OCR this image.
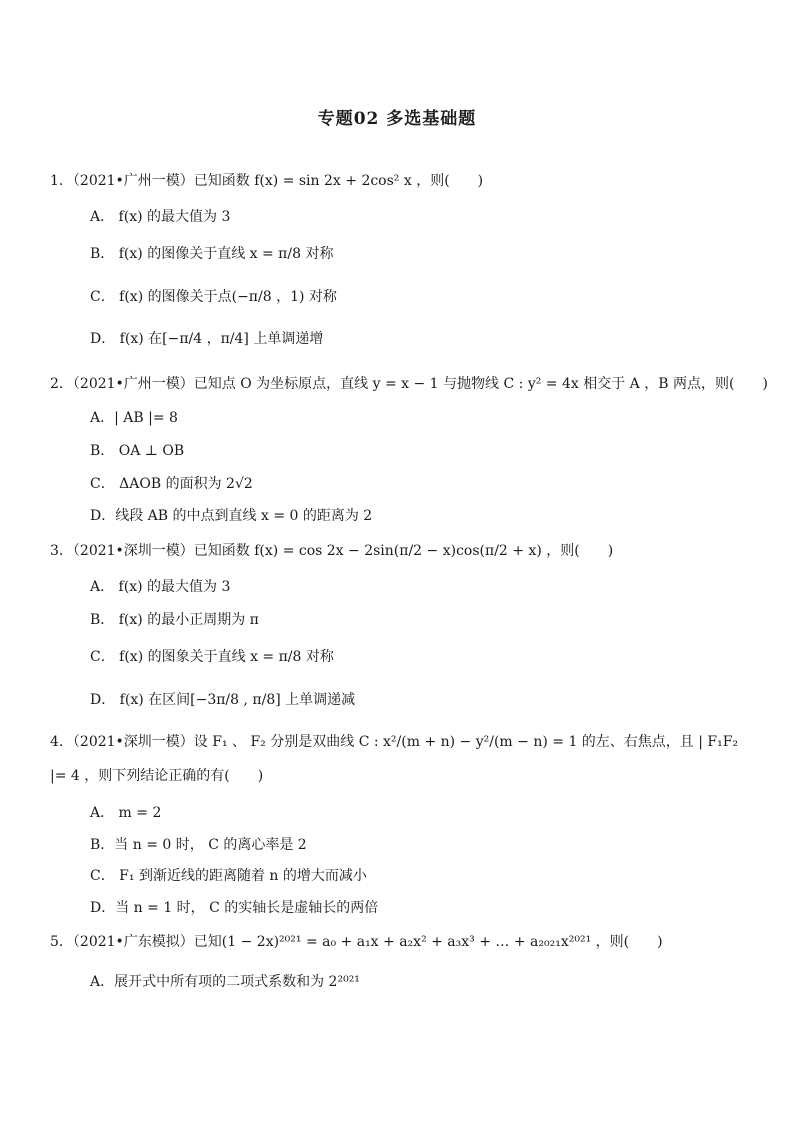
专题02 多选基础题
1．（2021•广州一模）已知函数 f(x) = sin 2x + 2cos² x ，则(　　)
A． f(x) 的最大值为 3
B． f(x) 的图像关于直线 x = π/8 对称
C． f(x) 的图像关于点(−π/8 ，1) 对称
D． f(x) 在[−π/4 ，π/4] 上单调递增
2．（2021•广州一模）已知点 O 为坐标原点，直线 y = x − 1 与抛物线 C : y² = 4x 相交于 A ，B 两点，则(　　)
A．| AB |= 8
B． OA ⊥ OB
C． ΔAOB 的面积为 2√2
D．线段 AB 的中点到直线 x = 0 的距离为 2
3．（2021•深圳一模）已知函数 f(x) = cos 2x − 2sin(π/2 − x)cos(π/2 + x) ，则(　　)
A． f(x) 的最大值为 3
B． f(x) 的最小正周期为 π
C． f(x) 的图象关于直线 x = π/8 对称
D． f(x) 在区间[−3π/8 , π/8] 上单调递减
4．（2021•深圳一模）设 F₁ 、 F₂ 分别是双曲线 C : x²/(m + n) − y²/(m − n) = 1 的左、右焦点，且 | F₁F₂ |= 4 ，则下列结论正确的有(　　)
A． m = 2
B．当 n = 0 时， C 的离心率是 2
C． F₁ 到渐近线的距离随着 n 的增大而减小
D．当 n = 1 时， C 的实轴长是虚轴长的两倍
5．（2021•广东模拟）已知(1 − 2x)²⁰²¹ = a₀ + a₁x + a₂x² + a₃x³ + … + a₂₀₂₁x²⁰²¹ ，则(　　)
A．展开式中所有项的二项式系数和为 2²⁰²¹
